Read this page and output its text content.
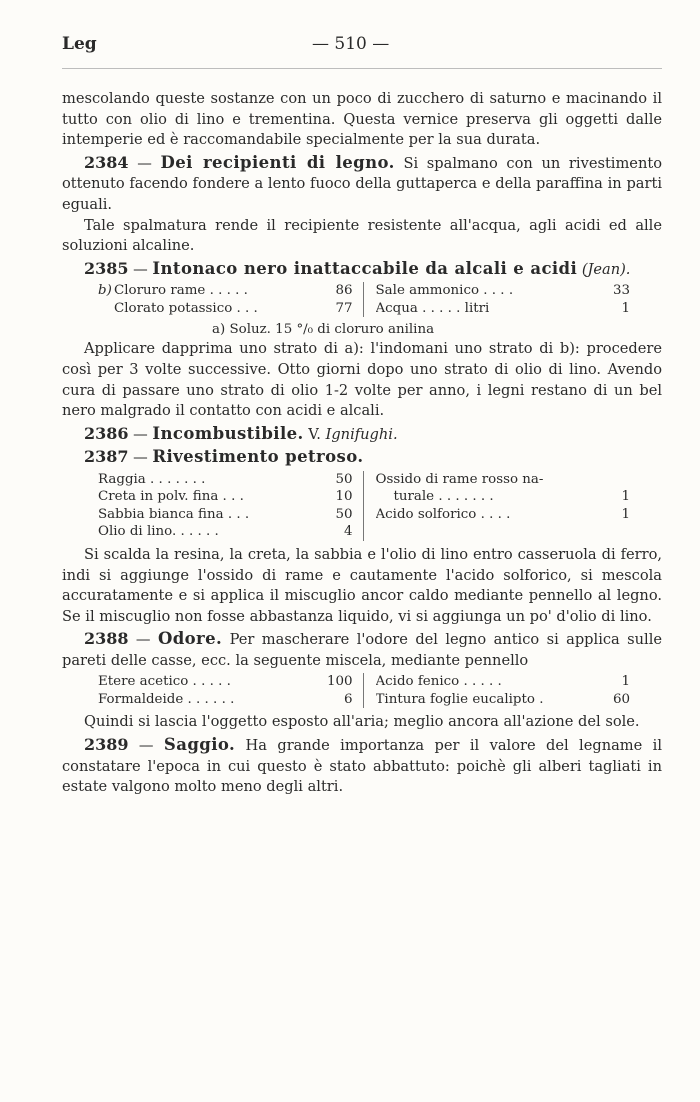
Leg	— 510 —

mescolando queste sostanze con un poco di zucchero di saturno e macinando il tutto con olio di lino e trementina. Questa vernice preserva gli oggetti dalle intemperie ed è raccomandabile specialmente per la sua durata.

2384 — Dei recipienti di legno. Si spalmano con un rivestimento ottenuto facendo fondere a lento fuoco della guttaperca e della paraffina in parti eguali.

Tale spalmatura rende il recipiente resistente all'acqua, agli acidi ed alle soluzioni alcaline.

2385 — Intonaco nero inattaccabile da alcali e acidi (Jean).

b) Cloruro rame . . . . .	86
Clorato potassico . . .	77
Sale ammonico . . . .	33
Acqua . . . . . litri	1
a) Soluz. 15 °/₀ di cloruro anilina

Applicare dapprima uno strato di a): l'indomani uno strato di b): procedere così per 3 volte successive. Otto giorni dopo uno strato di olio di lino. Avendo cura di passare uno strato di olio 1-2 volte per anno, i legni restano di un bel nero malgrado il contatto con acidi e alcali.

2386 — Incombustibile. V. Ignifughi.

2387 — Rivestimento petroso.

Raggia . . . . . . .	50
Creta in polv. fina . . .	10
Sabbia bianca fina . . .	50
Olio di lino. . . . . .	4
Ossido di rame rosso na-
turale . . . . . . .	1
Acido solforico . . . .	1

Si scalda la resina, la creta, la sabbia e l'olio di lino entro casseruola di ferro, indi si aggiunge l'ossido di rame e cautamente l'acido solforico, si mescola accuratamente e si applica il miscuglio ancor caldo mediante pennello al legno. Se il miscuglio non fosse abbastanza liquido, vi si aggiunga un po' d'olio di lino.

2388 — Odore. Per mascherare l'odore del legno antico si applica sulle pareti delle casse, ecc. la seguente miscela, mediante pennello

Etere acetico . . . . .	100
Formaldeide . . . . . .	6
Acido fenico . . . . .	1
Tintura foglie eucalipto .	60

Quindi si lascia l'oggetto esposto all'aria; meglio ancora all'azione del sole.

2389 — Saggio. Ha grande importanza per il valore del legname il constatare l'epoca in cui questo è stato abbattuto: poichè gli alberi tagliati in estate valgono molto meno degli altri.
